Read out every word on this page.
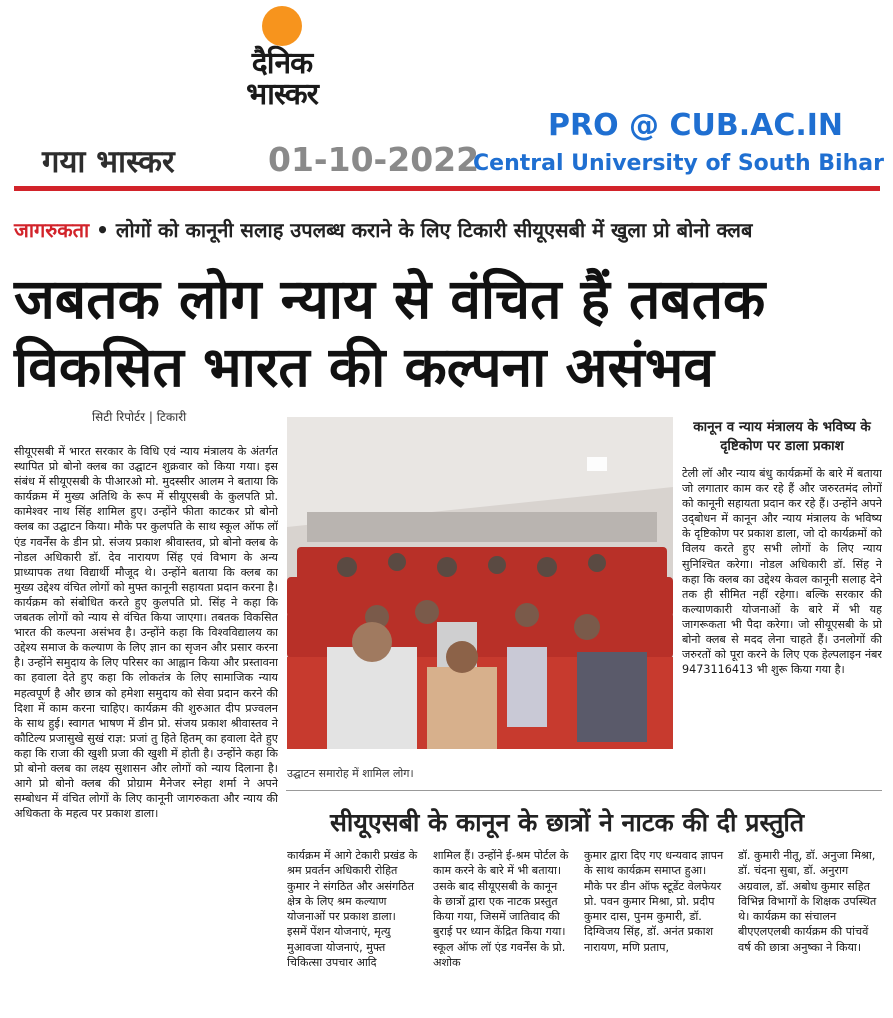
दैनिक
भास्कर
गया भास्कर	01-10-2022
PRO @ CUB.AC.IN
Central University of South Bihar
जागरुकता • लोगों को कानूनी सलाह उपलब्ध कराने के लिए टिकारी सीयूएसबी में खुला प्रो बोनो क्लब
जबतक लोग न्याय से वंचित हैं तबतक
विकसित भारत की कल्पना असंभव
सिटी रिपोर्टर | टिकारी
सीयूएसबी में भारत सरकार के विधि एवं न्याय मंत्रालय के अंतर्गत स्थापित प्रो बोनो क्लब का उद्घाटन शुक्रवार को किया गया। इस संबंध में सीयूएसबी के पीआरओ मो. मुदस्सीर आलम ने बताया कि कार्यक्रम में मुख्य अतिथि के रूप में सीयूएसबी के कुलपति प्रो. कामेश्वर नाथ सिंह शामिल हुए। उन्होंने फीता काटकर प्रो बोनो क्लब का उद्घाटन किया। मौके पर कुलपति के साथ स्कूल ऑफ लॉ एंड गवर्नेंस के डीन प्रो. संजय प्रकाश श्रीवास्तव, प्रो बोनो क्लब के नोडल अधिकारी डॉ. देव नारायण सिंह एवं विभाग के अन्य प्राध्यापक तथा विद्यार्थी मौजूद थे। उन्होंने बताया कि क्लब का मुख्य उद्देश्य वंचित लोगों को मुफ्त कानूनी सहायता प्रदान करना है। कार्यक्रम को संबोधित करते हुए कुलपति प्रो. सिंह ने कहा कि जबतक लोगों को न्याय से वंचित किया जाएगा। तबतक विकसित भारत की कल्पना असंभव है। उन्होंने कहा कि विश्वविद्यालय का उद्देश्य समाज के कल्याण के लिए ज्ञान का सृजन और प्रसार करना है। उन्होंने समुदाय के लिए परिसर का आह्वान किया और प्रस्तावना का हवाला देते हुए कहा कि लोकतंत्र के लिए सामाजिक न्याय महत्वपूर्ण है और छात्र को हमेशा समुदाय को सेवा प्रदान करने की दिशा में काम करना चाहिए। कार्यक्रम की शुरुआत दीप प्रज्वलन के साथ हुई। स्वागत भाषण में डीन प्रो. संजय प्रकाश श्रीवास्तव ने कौटिल्य प्रजासुखे सुखं राज्ञ: प्रजां तु हिते हितम् का हवाला देते हुए कहा कि राजा की खुशी प्रजा की खुशी में होती है। उन्होंने कहा कि प्रो बोनो क्लब का लक्ष्य सुशासन और लोगों को न्याय दिलाना है। आगे प्रो बोनो क्लब की प्रोग्राम मैनेजर स्नेहा शर्मा ने अपने सम्बोधन में वंचित लोगों के लिए कानूनी जागरुकता और न्याय की अधिकता के महत्व पर प्रकाश डाला।
उद्घाटन समारोह में शामिल लोग।
कानून व न्याय मंत्रालय के भविष्य के दृष्टिकोण पर डाला प्रकाश
टेली लॉ और न्याय बंधु कार्यक्रमों के बारे में बताया जो लगातार काम कर रहे हैं और जरुरतमंद लोगों को कानूनी सहायता प्रदान कर रहे हैं। उन्होंने अपने उद्‍बोधन में कानून और न्याय मंत्रालय के भविष्य के दृष्टिकोण पर प्रकाश डाला, जो दो कार्यक्रमों को विलय करते हुए सभी लोगों के लिए न्याय सुनिश्चित करेगा। नोडल अधिकारी डॉ. सिंह ने कहा कि क्लब का उद्देश्य केवल कानूनी सलाह देने तक ही सीमित नहीं रहेगा। बल्कि सरकार की कल्याणकारी योजनाओं के बारे में भी यह जागरूकता भी पैदा करेगा। जो सीयूएसबी के प्रो बोनो क्लब से मदद लेना चाहते हैं। उनलोगों की जरुरतों को पूरा करने के लिए एक हेल्पलाइन नंबर 9473116413 भी शुरू किया गया है।
सीयूएसबी के कानून के छात्रों ने नाटक की दी प्रस्तुति
कार्यक्रम में आगे टेकारी प्रखंड के श्रम प्रवर्तन अधिकारी रोहित कुमार ने संगठित और असंगठित क्षेत्र के लिए श्रम कल्याण योजनाओं पर प्रकाश डाला। इसमें पेंशन योजनाएं, मृत्यु मुआवजा योजनाएं, मुफ्त चिकित्सा उपचार आदि
शामिल हैं। उन्होंने ई-श्रम पोर्टल के काम करने के बारे में भी बताया। उसके बाद सीयूएसबी के कानून के छात्रों द्वारा एक नाटक प्रस्तुत किया गया, जिसमें जातिवाद की बुराई पर ध्यान केंद्रित किया गया। स्कूल ऑफ लॉ एंड गवर्नेंस के प्रो. अशोक
कुमार द्वारा दिए गए धन्यवाद ज्ञापन के साथ कार्यक्रम समाप्त हुआ। मौके पर डीन ऑफ स्टूडेंट वेलफेयर प्रो. पवन कुमार मिश्रा, प्रो. प्रदीप कुमार दास, पुनम कुमारी, डॉ. दिग्विजय सिंह, डॉ. अनंत प्रकाश नारायण, मणि प्रताप,
डॉ. कुमारी नीतू, डॉ. अनुजा मिश्रा, डॉ. चंदना सुबा, डॉ. अनुराग अग्रवाल, डॉ. अबोध कुमार सहित विभिन्न विभागों के शिक्षक उपस्थित थे। कार्यक्रम का संचालन बीएएलएलबी कार्यक्रम की पांचवें वर्ष की छात्रा अनुष्का ने किया।
